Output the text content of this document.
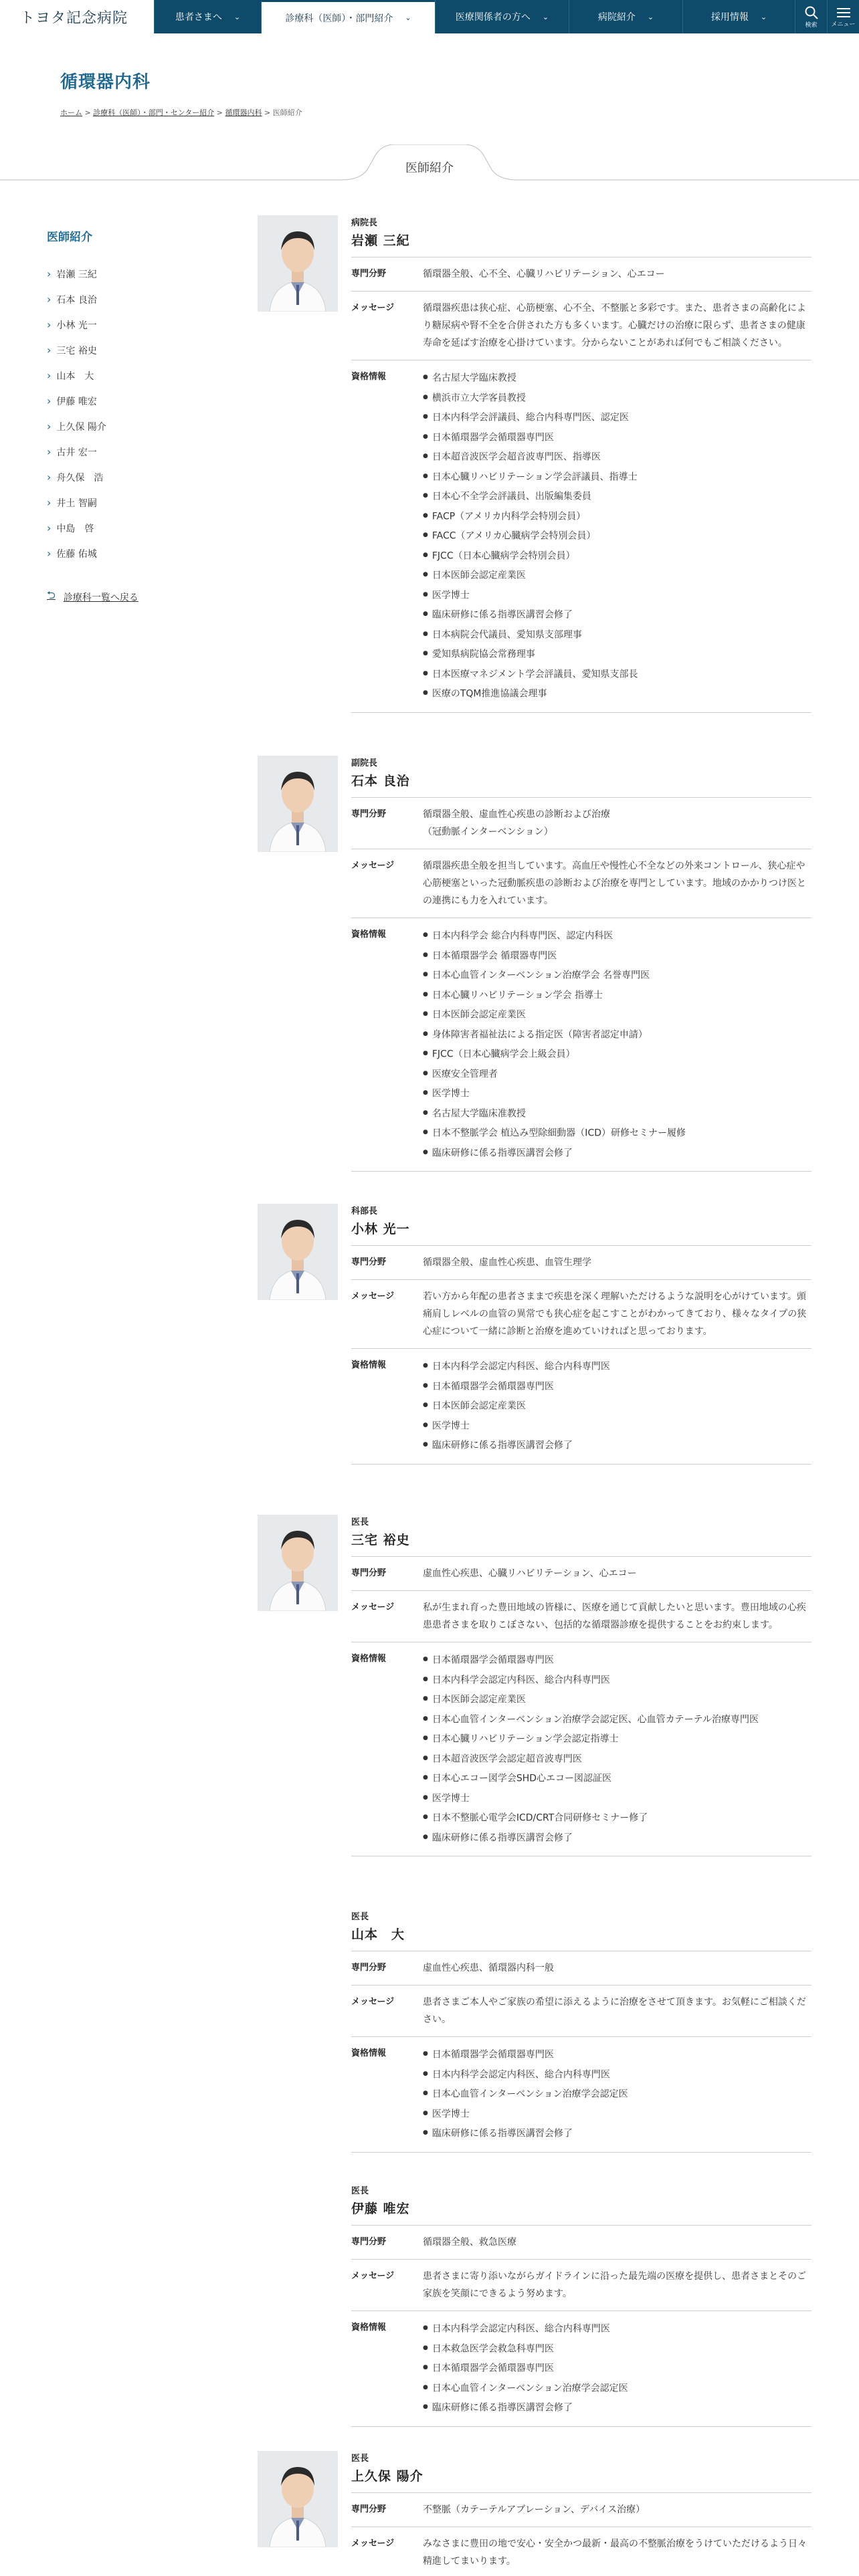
トヨタ記念病院	患者さまへ ⌄	診療科（医師）・部門紹介 ⌄	医療関係者の方へ ⌄	病院紹介 ⌄	採用情報 ⌄
検索 メニュー
循環器内科
ホーム > 診療科（医師）・部門・センター紹介 > 循環器内科 > 医師紹介
医師紹介
医師紹介
› 岩瀬 三紀
› 石本 良治
› 小林 光一
› 三宅 裕史
› 山本　大
› 伊藤 唯宏
› 上久保 陽介
› 古井 宏一
› 舟久保　浩
› 井土 智嗣
› 中島　啓
› 佐藤 佑城
⮌ 診療科一覧へ戻る
病院長
岩瀬 三紀
専門分野	循環器全般、心不全、心臓リハビリテーション、心エコー
メッセージ	循環器疾患は狭心症、心筋梗塞、心不全、不整脈と多彩です。また、患者さまの高齢化により糖尿病や腎不全を合併された方も多くいます。心臓だけの治療に限らず、患者さまの健康寿命を延ばす治療を心掛けています。分からないことがあれば何でもご相談ください。
資格情報	● 名古屋大学臨床教授
● 横浜市立大学客員教授
● 日本内科学会評議員、総合内科専門医、認定医
● 日本循環器学会循環器専門医
● 日本超音波医学会超音波専門医、指導医
● 日本心臓リハビリテーション学会評議員、指導士
● 日本心不全学会評議員、出版編集委員
● FACP（アメリカ内科学会特別会員）
● FACC（アメリカ心臓病学会特別会員）
● FJCC（日本心臓病学会特別会員）
● 日本医師会認定産業医
● 医学博士
● 臨床研修に係る指導医講習会修了
● 日本病院会代議員、愛知県支部理事
● 愛知県病院協会常務理事
● 日本医療マネジメント学会評議員、愛知県支部長
● 医療のTQM推進協議会理事
副院長
石本 良治
専門分野	循環器全般、虚血性心疾患の診断および治療
（冠動脈インターベンション）
メッセージ	循環器疾患全般を担当しています。高血圧や慢性心不全などの外来コントロール、狭心症や心筋梗塞といった冠動脈疾患の診断および治療を専門としています。地域のかかりつけ医との連携にも力を入れています。
資格情報	● 日本内科学会 総合内科専門医、認定内科医
● 日本循環器学会 循環器専門医
● 日本心血管インターベンション治療学会 名誉専門医
● 日本心臓リハビリテーション学会 指導士
● 日本医師会認定産業医
● 身体障害者福祉法による指定医（障害者認定申請）
● FJCC（日本心臓病学会上級会員）
● 医療安全管理者
● 医学博士
● 名古屋大学臨床准教授
● 日本不整脈学会 植込み型除細動器（ICD）研修セミナー履修
● 臨床研修に係る指導医講習会修了
科部長
小林 光一
専門分野	循環器全般、虚血性心疾患、血管生理学
メッセージ	若い方から年配の患者さままで疾患を深く理解いただけるような説明を心がけています。頭痛肩しレベルの血管の異常でも狭心症を起こすことがわかってきており、様々なタイプの狭心症について一緒に診断と治療を進めていければと思っております。
資格情報	● 日本内科学会認定内科医、総合内科専門医
● 日本循環器学会循環器専門医
● 日本医師会認定産業医
● 医学博士
● 臨床研修に係る指導医講習会修了
医長
三宅 裕史
専門分野	虚血性心疾患、心臓リハビリテーション、心エコー
メッセージ	私が生まれ育った豊田地域の皆様に、医療を通じて貢献したいと思います。豊田地域の心疾患患者さまを取りこぼさない、包括的な循環器診療を提供することをお約束します。
資格情報	● 日本循環器学会循環器専門医
● 日本内科学会認定内科医、総合内科専門医
● 日本医師会認定産業医
● 日本心血管インターベンション治療学会認定医、心血管カテーテル治療専門医
● 日本心臓リハビリテーション学会認定指導士
● 日本超音波医学会認定超音波専門医
● 日本心エコー図学会SHD心エコー図認証医
● 医学博士
● 日本不整脈心電学会ICD/CRT合同研修セミナー修了
● 臨床研修に係る指導医講習会修了
医長
山本　大
専門分野	虚血性心疾患、循環器内科一般
メッセージ	患者さまご本人やご家族の希望に添えるように治療をさせて頂きます。お気軽にご相談ください。
資格情報	● 日本循環器学会循環器専門医
● 日本内科学会認定内科医、総合内科専門医
● 日本心血管インターベンション治療学会認定医
● 医学博士
● 臨床研修に係る指導医講習会修了
医長
伊藤 唯宏
専門分野	循環器全般、救急医療
メッセージ	患者さまに寄り添いながらガイドラインに沿った最先端の医療を提供し、患者さまとそのご家族を笑顔にできるよう努めます。
資格情報	● 日本内科学会認定内科医、総合内科専門医
● 日本救急医学会救急科専門医
● 日本循環器学会循環器専門医
● 日本心血管インターベンション治療学会認定医
● 臨床研修に係る指導医講習会修了
医長
上久保 陽介
専門分野	不整脈（カテーテルアブレーション、デバイス治療）
メッセージ	みなさまに豊田の地で安心・安全かつ最新・最高の不整脈治療をうけていただけるよう日々精進してまいります。
